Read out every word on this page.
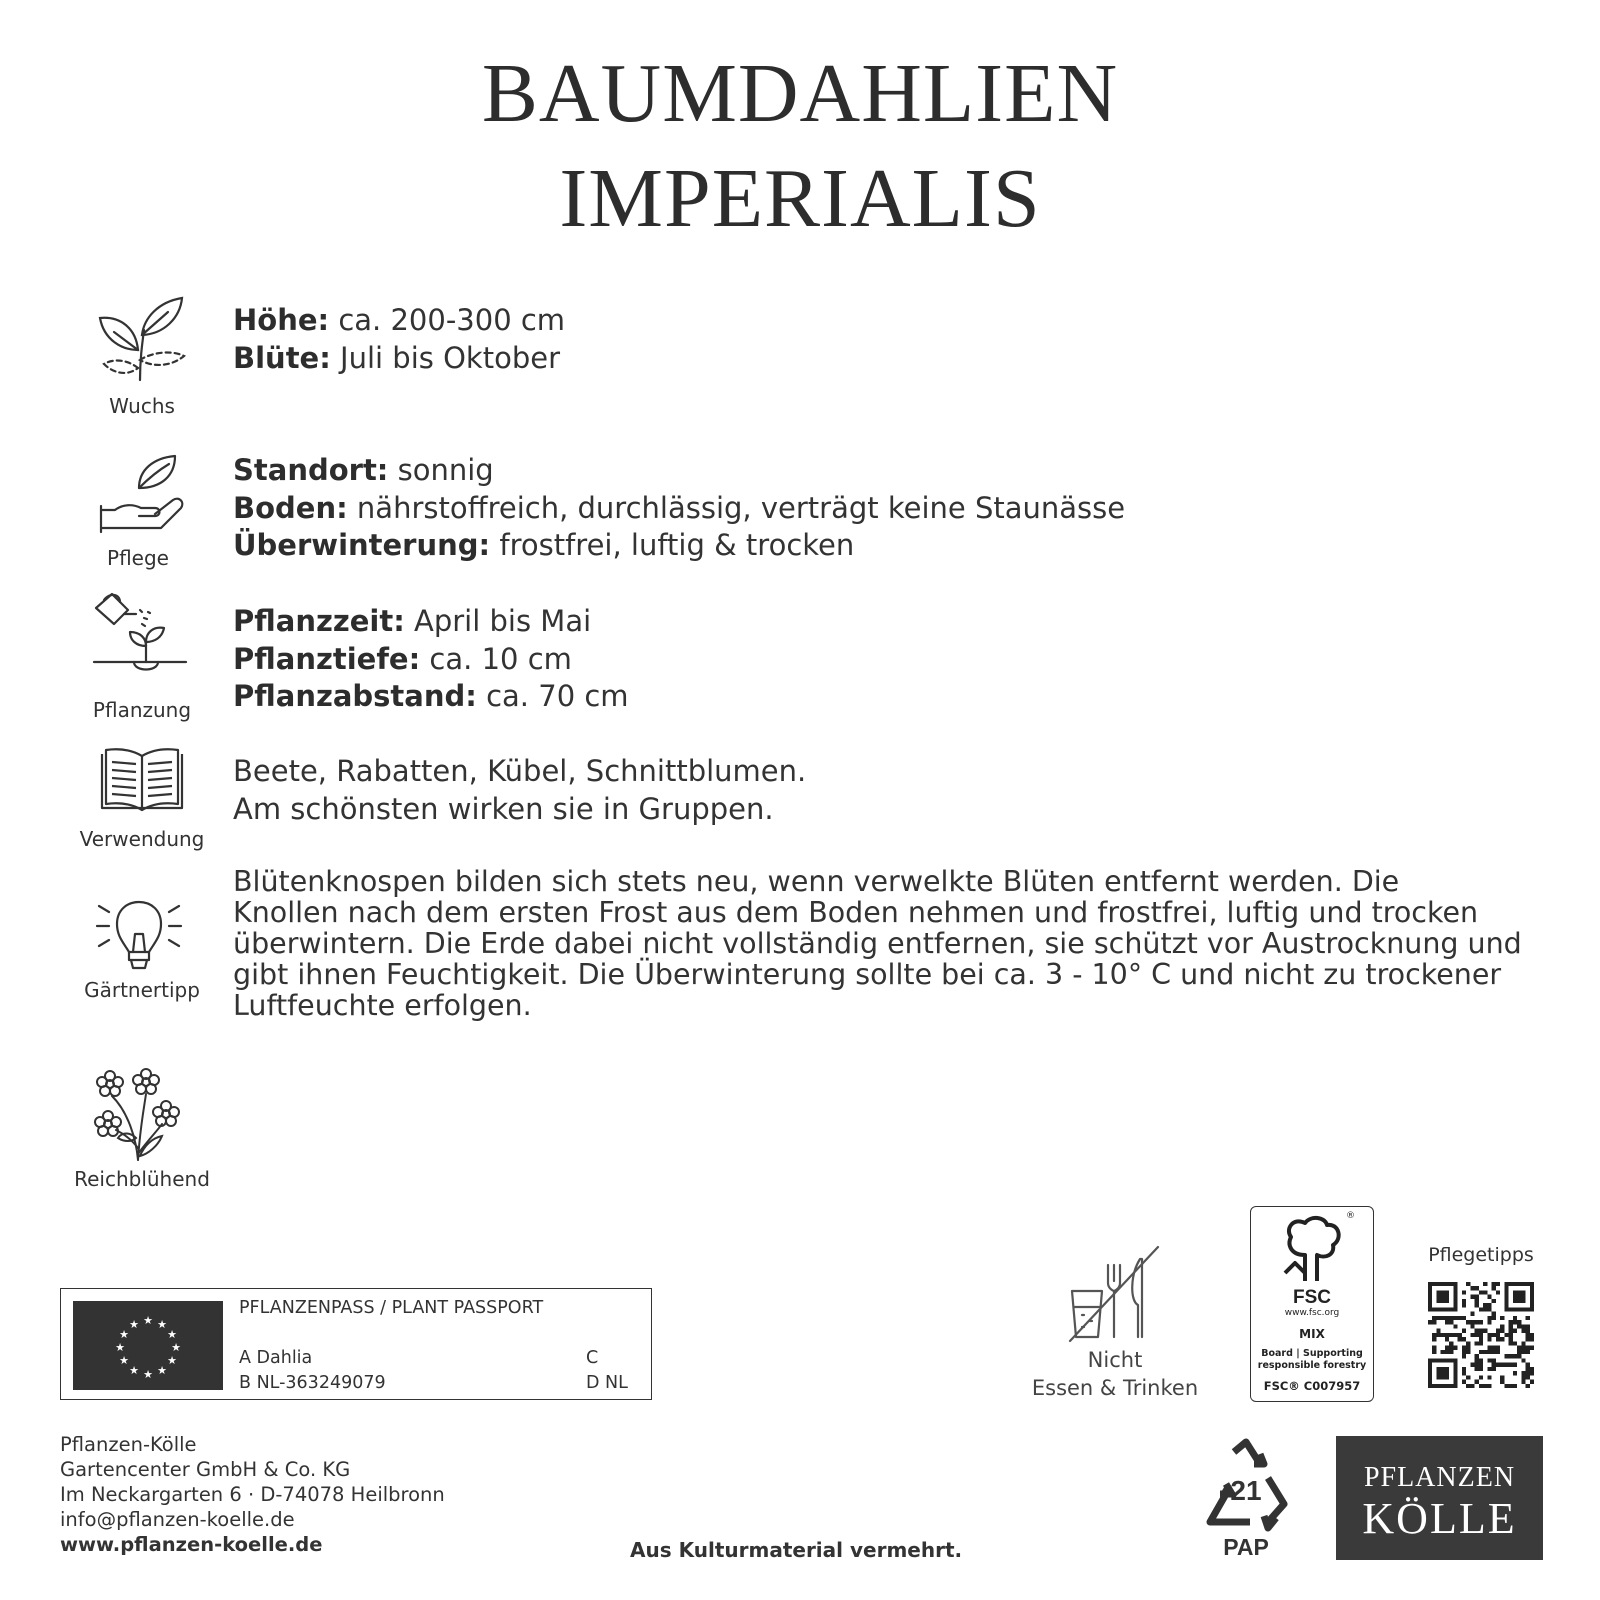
BAUMDAHLIEN
IMPERIALIS
Wuchs
Höhe: ca. 200-300 cm
Blüte: Juli bis Oktober
Pflege
Standort: sonnig
Boden: nährstoffreich, durchlässig, verträgt keine Staunässe
Überwinterung: frostfrei, luftig & trocken
Pflanzung
Pflanzzeit: April bis Mai
Pflanztiefe: ca. 10 cm
Pflanzabstand: ca. 70 cm
Verwendung
Beete, Rabatten, Kübel, Schnittblumen.
Am schönsten wirken sie in Gruppen.
Gärtnertipp
Blütenknospen bilden sich stets neu, wenn verwelkte Blüten entfernt werden. Die
Knollen nach dem ersten Frost aus dem Boden nehmen und frostfrei, luftig und trocken
überwintern. Die Erde dabei nicht vollständig entfernen, sie schützt vor Austrocknung und
gibt ihnen Feuchtigkeit. Die Überwinterung sollte bei ca. 3 - 10° C und nicht zu trockener
Luftfeuchte erfolgen.
Reichblühend
★ ★
★
★
★
★
★
★
★
★
★
★
PFLANZENPASS / PLANT PASSPORT
A Dahlia
B NL-363249079
C
D NL
Nicht
Essen & Trinken
®
FSC
www.fsc.org
MIX
Board | Supporting
responsible forestry
FSC® C007957
Pflegetipps
Pflanzen-Kölle
Gartencenter GmbH & Co. KG
Im Neckargarten 6 · D-74078 Heilbronn
info@pflanzen-koelle.de
www.pflanzen-koelle.de	Aus Kulturmaterial vermehrt.
21
PAP
PFLANZEN
KÖLLE
